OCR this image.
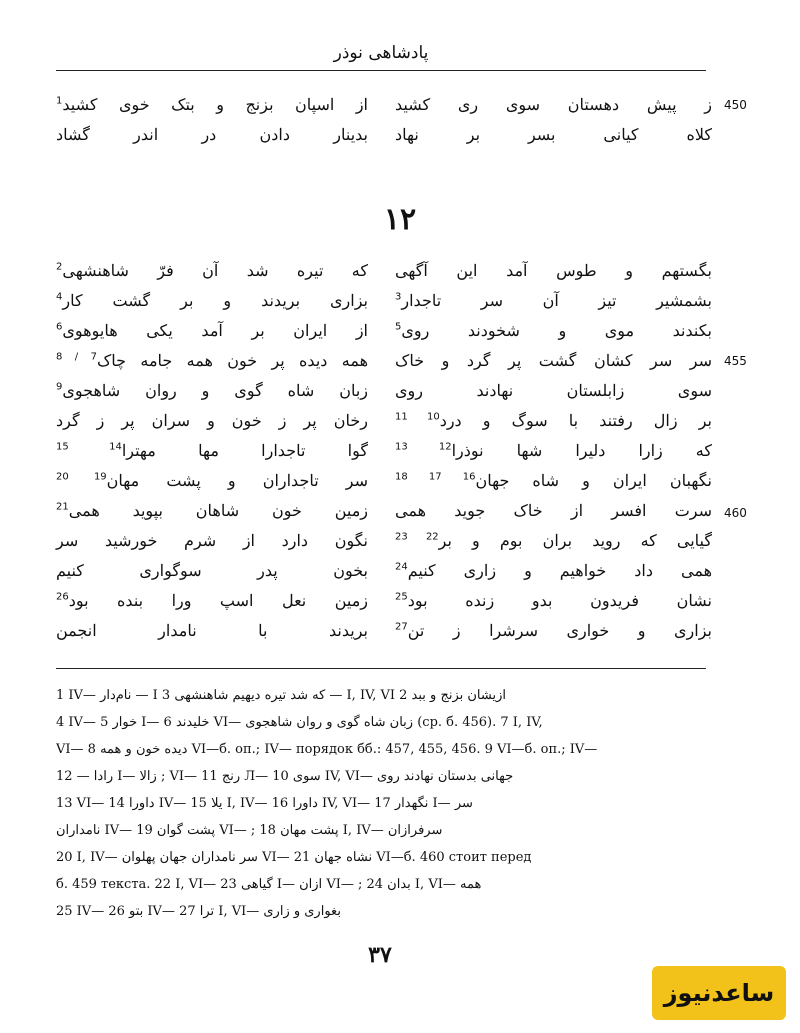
پادشاهی نوذر
ز پیش دهستان سوی ری کشید
از اسپان بزنج و بتک خوی کشید$^1$
کلاه کیانی بسر بر نهاد
بدینار دادن در اندر گشاد
۱۲
بگستهم و طوس آمد این آگهی
که تیره شد آن فرّ شاهنشهی$^2$
بشمشیر تیز آن سر تاجدار$^3$
بزاری بریدند و بر گشت کار$^4$
بکندند موی و شخودند روی$^5$
از ایران بر آمد یکی هایوهوی$^6$
سر سر کشان گشت پر گرد و خاک
همه دیده پر خون همه جامه چاک$^{7 / 8}$
سوی زابلستان نهادند روی
زبان شاه گوی و روان شاهجوی$^9$
بر زال رفتند با سوگ و درد$^{10 11}$
رخان پر ز خون و سران پر ز گرد
که زارا دلیرا شها نوذرا$^{12 13}$
گوا تاجدارا مها مهترا$^{14 15}$
نگهبان ایران و شاه جهان$^{16 17 18}$
سر تاجداران و پشت مهان$^{19 20}$
سرت افسر از خاک جوید همی
زمین خون شاهان بپوید همی$^{21}$
گیایی که روید بران بوم و بر$^{22 23}$
نگون دارد از شرم خورشید سر
همی داد خواهیم و زاری کنیم$^{24}$
بخون پدر سوگواری کنیم
نشان فریدون بدو زنده بود$^{25}$
زمین نعل اسپ ورا بنده بود$^{26}$
بزاری و خواری سرشرا ز تن$^{27}$
بریدند با نامدار انجمن
450
455
460
1 IV— نام‌دار — I 3 که شد تیره دیهیم شاهنشهی — I, IV, VI 2 ازیشان بزنج و ببد
4 IV— خوار 5 I— خلیدند 6 VI— زبان شاه گوی و روان شاهجوی (ср. б. 456). 7 I, IV,
VI— دیده خون و همه 8 VI—б. оп.; IV— порядок бб.: 457, 455, 456. 9 VI—б. оп.; IV—
رادا — 12 I— زالا ; VI— رنج 11 Л— سوی 10 IV, VI— جهانی بدستان نهادند روی
13 VI— داورا 14 IV— یلا 15 I, IV— داورا 16 IV, VI— نگهدار 17 I— سر
نامداران IV— 19 پشت گوان VI— ; پشت مهان 18 I, IV— سرفرازان
20 I, IV— سر نامداران جهان پهلوان VI— نشاه جهان 21 VI—б. 460 стоит перед
б. 459 текста. 22 I, VI— گیاهی 23 I— ازان VI— ; بدان 24 I, VI— همه
25 IV— بتو 26 IV— ترا 27 I, VI— بغواری و زاری
۳۷
ساعدنیوز
